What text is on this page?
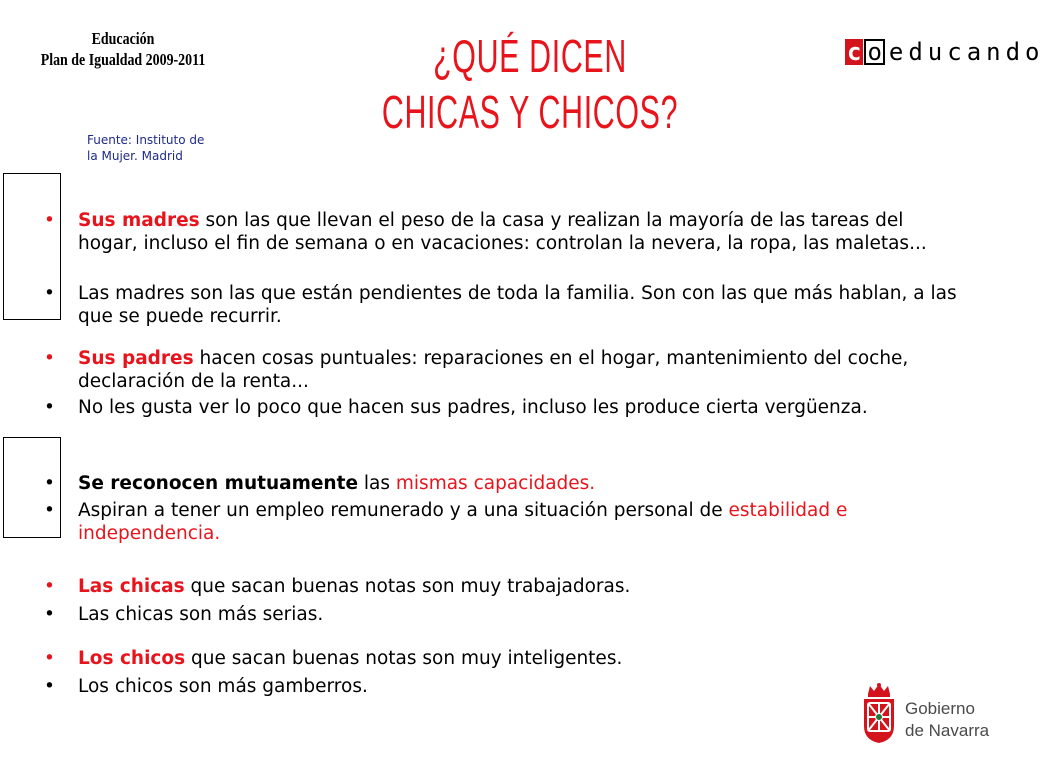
Educación
Plan de Igualdad 2009-2011	¿QUÉ DICEN
CHICAS Y CHICOS?
c o educando
Fuente: Instituto de
la Mujer. Madrid
•	Sus madres son las que llevan el peso de la casa y realizan la mayoría de las tareas del hogar, incluso el fin de semana o en vacaciones: controlan la nevera, la ropa, las maletas...
•	Las madres son las que están pendientes de toda la familia. Son con las que más hablan, a las que se puede recurrir.
•	Sus padres hacen cosas puntuales: reparaciones en el hogar, mantenimiento del coche, declaración de la renta...
•	No les gusta ver lo poco que hacen sus padres, incluso les produce cierta vergüenza.
•	Se reconocen mutuamente las mismas capacidades.
•	Aspiran a tener un empleo remunerado y a una situación personal de estabilidad e independencia.
•	Las chicas que sacan buenas notas son muy trabajadoras.
•	Las chicas son más serias.
•	Los chicos que sacan buenas notas son muy inteligentes.
•	Los chicos son más gamberros.
Gobierno
de Navarra
